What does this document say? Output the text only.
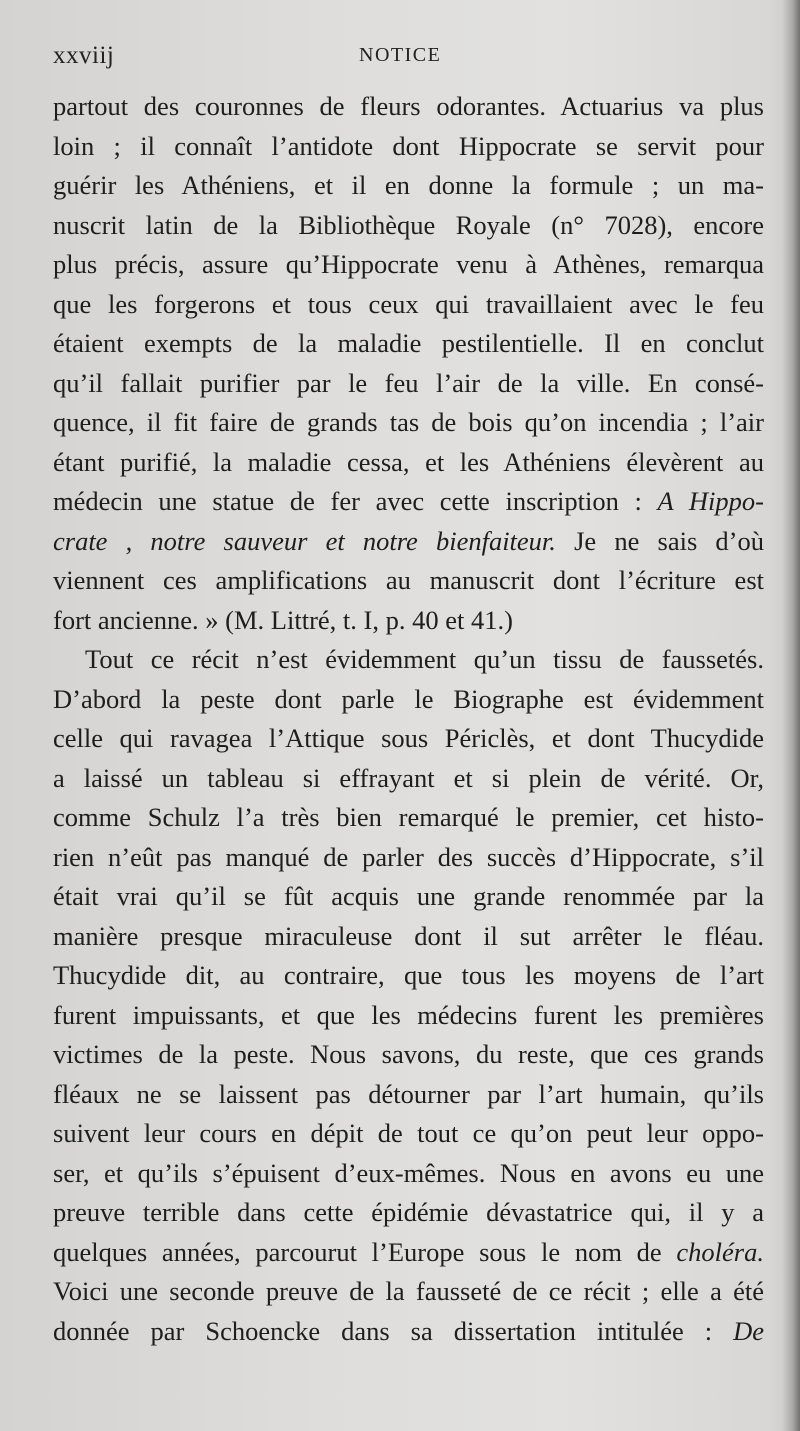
xxviij	NOTICE
partout des couronnes de fleurs odorantes. Actuarius va plus
loin ; il connaît l’antidote dont Hippocrate se servit pour
guérir les Athéniens, et il en donne la formule ; un ma-
nuscrit latin de la Bibliothèque Royale (n° 7028), encore
plus précis, assure qu’Hippocrate venu à Athènes, remarqua
que les forgerons et tous ceux qui travaillaient avec le feu
étaient exempts de la maladie pestilentielle. Il en conclut
qu’il fallait purifier par le feu l’air de la ville. En consé-
quence, il fit faire de grands tas de bois qu’on incendia ; l’air
étant purifié, la maladie cessa, et les Athéniens élevèrent au
médecin une statue de fer avec cette inscription : A Hippo-
crate , notre sauveur et notre bienfaiteur. Je ne sais d’où
viennent ces amplifications au manuscrit dont l’écriture est
fort ancienne. » (M. Littré, t. I, p. 40 et 41.)
Tout ce récit n’est évidemment qu’un tissu de faussetés.
D’abord la peste dont parle le Biographe est évidemment
celle qui ravagea l’Attique sous Périclès, et dont Thucydide
a laissé un tableau si effrayant et si plein de vérité. Or,
comme Schulz l’a très bien remarqué le premier, cet histo-
rien n’eût pas manqué de parler des succès d’Hippocrate, s’il
était vrai qu’il se fût acquis une grande renommée par la
manière presque miraculeuse dont il sut arrêter le fléau.
Thucydide dit, au contraire, que tous les moyens de l’art
furent impuissants, et que les médecins furent les premières
victimes de la peste. Nous savons, du reste, que ces grands
fléaux ne se laissent pas détourner par l’art humain, qu’ils
suivent leur cours en dépit de tout ce qu’on peut leur oppo-
ser, et qu’ils s’épuisent d’eux-mêmes. Nous en avons eu une
preuve terrible dans cette épidémie dévastatrice qui, il y a
quelques années, parcourut l’Europe sous le nom de choléra.
Voici une seconde preuve de la fausseté de ce récit ; elle a été
donnée par Schoencke dans sa dissertation intitulée : De
